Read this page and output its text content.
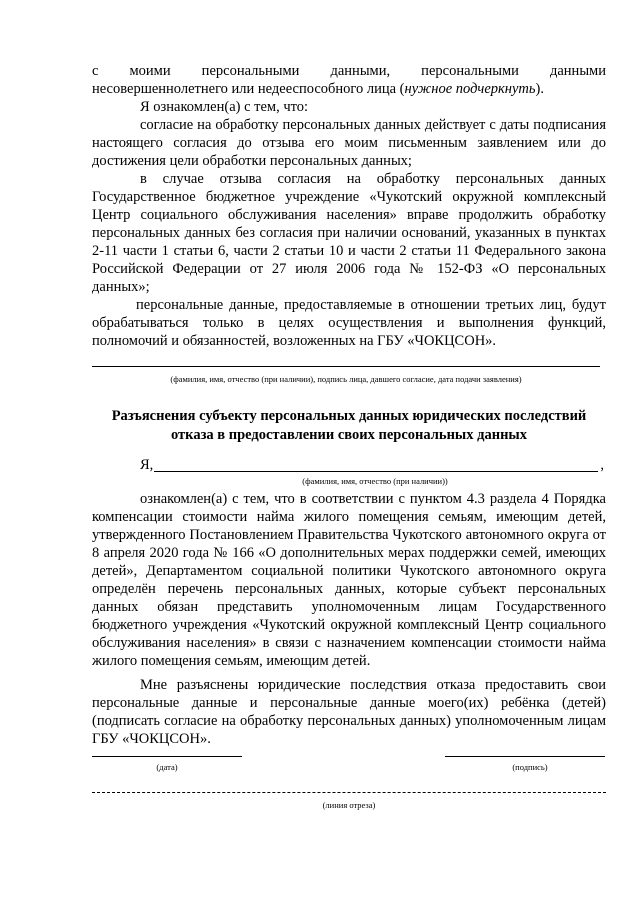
с моими персональными данными, персональными данными несовершеннолетнего или недееспособного лица (нужное подчеркнуть).

Я ознакомлен(а) с тем, что:

согласие на обработку персональных данных действует с даты подписания настоящего согласия до отзыва его моим письменным заявлением или до достижения цели обработки персональных данных;

в случае отзыва согласия на обработку персональных данных Государственное бюджетное учреждение «Чукотский окружной комплексный Центр социального обслуживания населения» вправе продолжить обработку персональных данных без согласия при наличии оснований, указанных в пунктах 2-11 части 1 статьи 6, части 2 статьи 10 и части 2 статьи 11 Федерального закона Российской Федерации от 27 июля 2006 года № 152-ФЗ «О персональных данных»;

персональные данные, предоставляемые в отношении третьих лиц, будут обрабатываться только в целях осуществления и выполнения функций, полномочий и обязанностей, возложенных на ГБУ «ЧОКЦСОН».

(фамилия, имя, отчество (при наличии), подпись лица, давшего согласие, дата подачи заявления)
Разъяснения субъекту персональных данных юридических последствий
отказа в предоставлении своих персональных данных
Я,	,
(фамилия, имя, отчество (при наличии))

ознакомлен(а) с тем, что в соответствии с пунктом 4.3 раздела 4 Порядка компенсации стоимости найма жилого помещения семьям, имеющим детей, утвержденного Постановлением Правительства Чукотского автономного округа от 8 апреля 2020 года № 166 «О дополнительных мерах поддержки семей, имеющих детей», Департаментом социальной политики Чукотского автономного округа определён перечень персональных данных, которые субъект персональных данных обязан представить уполномоченным лицам Государственного бюджетного учреждения «Чукотский окружной комплексный Центр социального обслуживания населения» в связи с назначением компенсации стоимости найма жилого помещения семьям, имеющим детей.

Мне разъяснены юридические последствия отказа предоставить свои персональные данные и персональные данные моего(их) ребёнка (детей) (подписать согласие на обработку персональных данных) уполномоченным лицам ГБУ «ЧОКЦСОН».

(дата)	(подпись)
(линия отреза)
